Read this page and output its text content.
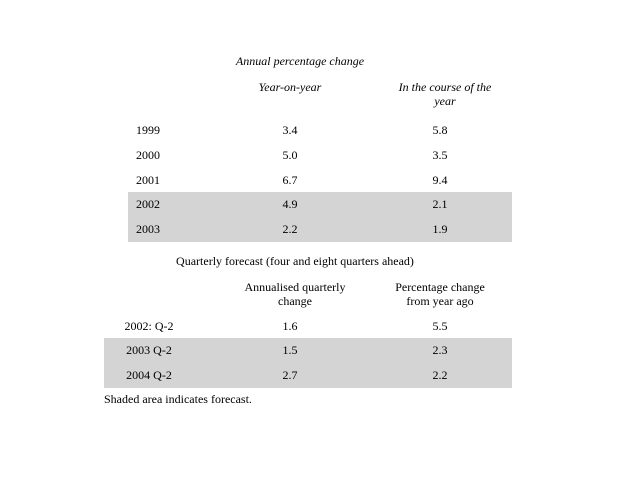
Annual percentage change
Year-on-year	In the course of the
year
1999	3.4	5.8
2000	5.0	3.5
2001	6.7	9.4
2002	4.9	2.1
2003	2.2	1.9
Quarterly forecast (four and eight quarters ahead)
Annualised quarterly
change
Percentage change
from year ago
2002: Q-2	1.6	5.5
2003 Q-2	1.5	2.3
2004 Q-2	2.7	2.2
Shaded area indicates forecast.
